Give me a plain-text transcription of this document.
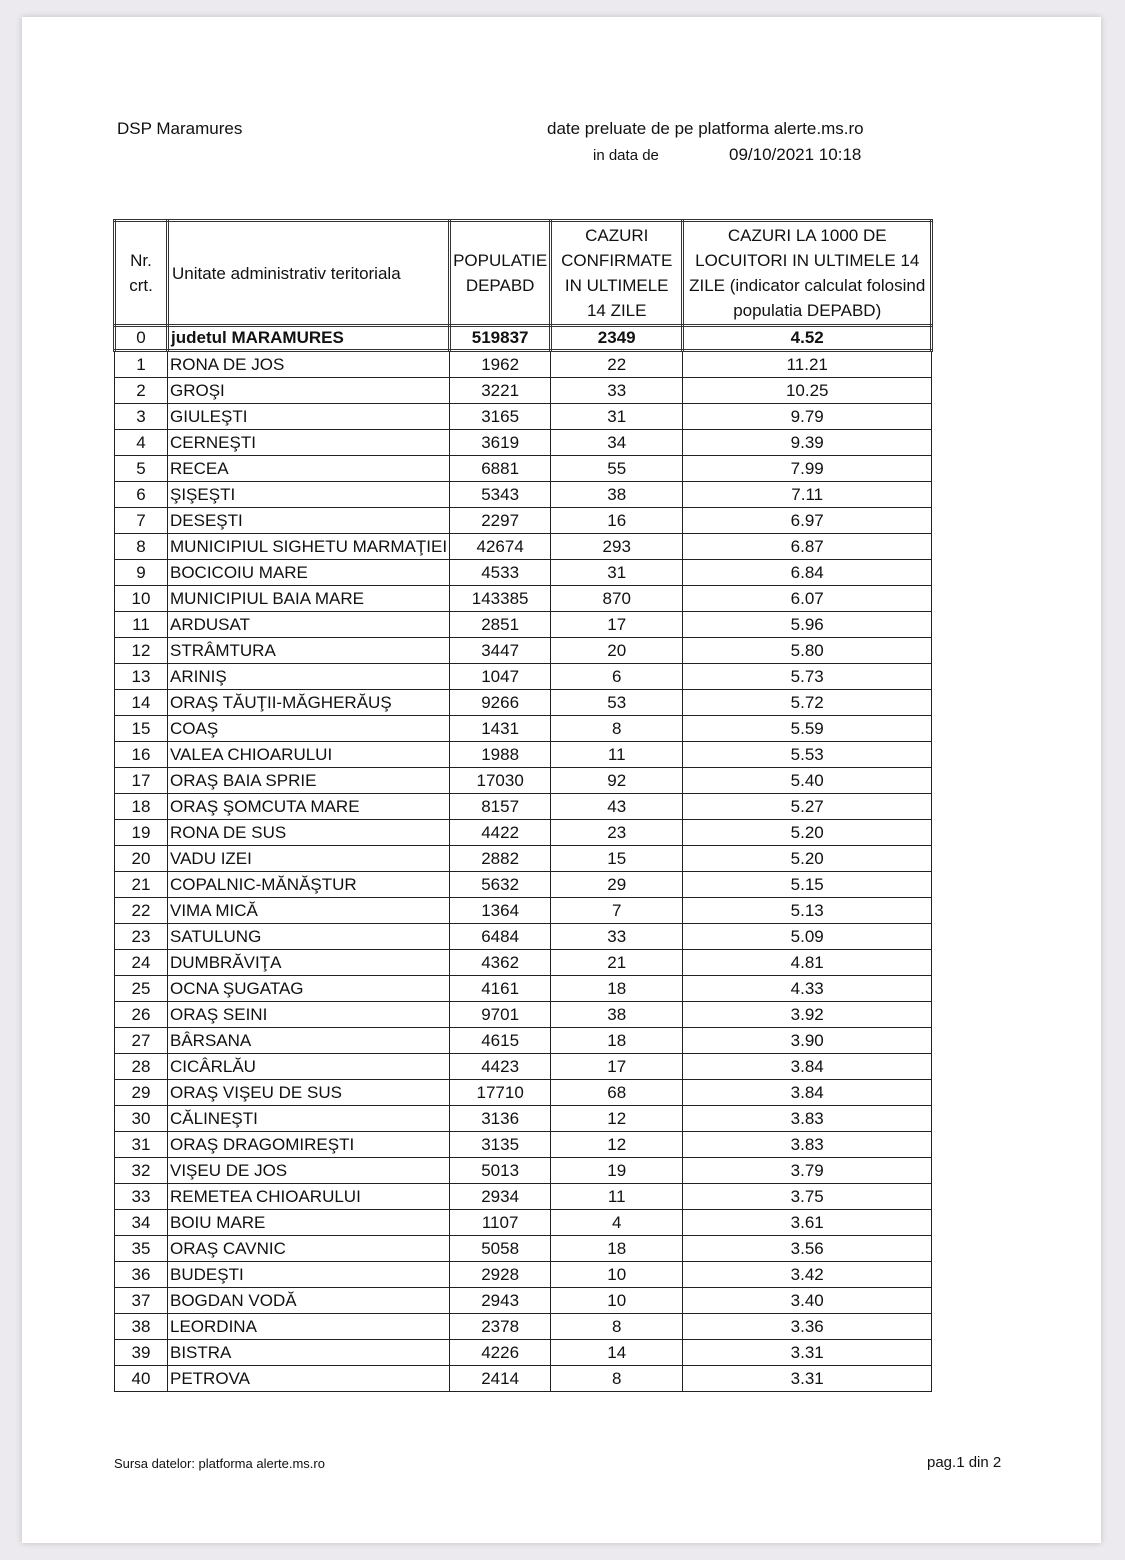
DSP Maramures	date preluate de pe platforma alerte.ms.ro
in data de	09/10/2021 10:18
Nr. crt.	Unitate administrativ teritoriala	POPULATIE DEPABD	CAZURI CONFIRMATE IN ULTIMELE 14 ZILE	CAZURI LA 1000 DE LOCUITORI IN ULTIMELE 14 ZILE (indicator calculat folosind populatia DEPABD)
0	judetul MARAMURES	519837	2349	4.52
1	RONA DE JOS	1962	22	11.21
2	GROŞI	3221	33	10.25
3	GIULEŞTI	3165	31	9.79
4	CERNEŞTI	3619	34	9.39
5	RECEA	6881	55	7.99
6	ŞIŞEŞTI	5343	38	7.11
7	DESEŞTI	2297	16	6.97
8	MUNICIPIUL SIGHETU MARMAŢIEI	42674	293	6.87
9	BOCICOIU MARE	4533	31	6.84
10	MUNICIPIUL BAIA MARE	143385	870	6.07
11	ARDUSAT	2851	17	5.96
12	STRÂMTURA	3447	20	5.80
13	ARINIŞ	1047	6	5.73
14	ORAŞ TĂUŢII-MĂGHERĂUŞ	9266	53	5.72
15	COAŞ	1431	8	5.59
16	VALEA CHIOARULUI	1988	11	5.53
17	ORAŞ BAIA SPRIE	17030	92	5.40
18	ORAŞ ŞOMCUTA MARE	8157	43	5.27
19	RONA DE SUS	4422	23	5.20
20	VADU IZEI	2882	15	5.20
21	COPALNIC-MĂNĂŞTUR	5632	29	5.15
22	VIMA MICĂ	1364	7	5.13
23	SATULUNG	6484	33	5.09
24	DUMBRĂVIŢA	4362	21	4.81
25	OCNA ŞUGATAG	4161	18	4.33
26	ORAŞ SEINI	9701	38	3.92
27	BÂRSANA	4615	18	3.90
28	CICÂRLĂU	4423	17	3.84
29	ORAŞ VIŞEU DE SUS	17710	68	3.84
30	CĂLINEŞTI	3136	12	3.83
31	ORAŞ DRAGOMIREŞTI	3135	12	3.83
32	VIŞEU DE JOS	5013	19	3.79
33	REMETEA CHIOARULUI	2934	11	3.75
34	BOIU MARE	1107	4	3.61
35	ORAŞ CAVNIC	5058	18	3.56
36	BUDEŞTI	2928	10	3.42
37	BOGDAN VODĂ	2943	10	3.40
38	LEORDINA	2378	8	3.36
39	BISTRA	4226	14	3.31
40	PETROVA	2414	8	3.31
Sursa datelor: platforma alerte.ms.ro	pag.1 din 2
